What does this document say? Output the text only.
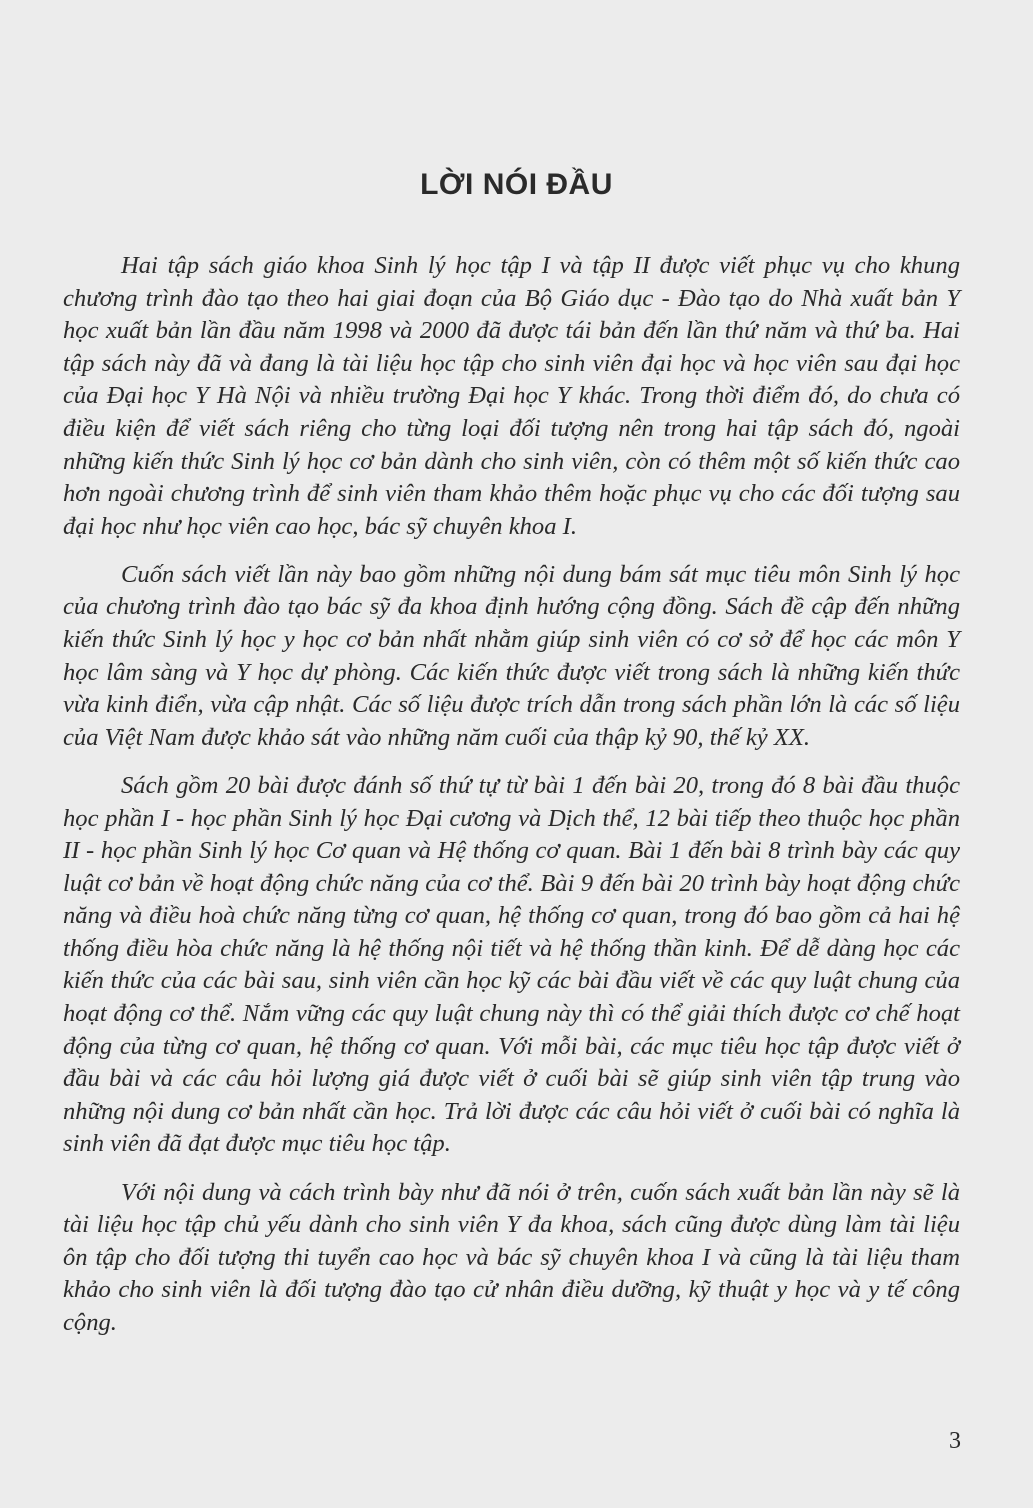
LỜI NÓI ĐẦU

Hai tập sách giáo khoa Sinh lý học tập I và tập II được viết phục vụ cho khung chương trình đào tạo theo hai giai đoạn của Bộ Giáo dục - Đào tạo do Nhà xuất bản Y học xuất bản lần đầu năm 1998 và 2000 đã được tái bản đến lần thứ năm và thứ ba. Hai tập sách này đã và đang là tài liệu học tập cho sinh viên đại học và học viên sau đại học của Đại học Y Hà Nội và nhiều trường Đại học Y khác. Trong thời điểm đó, do chưa có điều kiện để viết sách riêng cho từng loại đối tượng nên trong hai tập sách đó, ngoài những kiến thức Sinh lý học cơ bản dành cho sinh viên, còn có thêm một số kiến thức cao hơn ngoài chương trình để sinh viên tham khảo thêm hoặc phục vụ cho các đối tượng sau đại học như học viên cao học, bác sỹ chuyên khoa I.

Cuốn sách viết lần này bao gồm những nội dung bám sát mục tiêu môn Sinh lý học của chương trình đào tạo bác sỹ đa khoa định hướng cộng đồng. Sách đề cập đến những kiến thức Sinh lý học y học cơ bản nhất nhằm giúp sinh viên có cơ sở để học các môn Y học lâm sàng và Y học dự phòng. Các kiến thức được viết trong sách là những kiến thức vừa kinh điển, vừa cập nhật. Các số liệu được trích dẫn trong sách phần lớn là các số liệu của Việt Nam được khảo sát vào những năm cuối của thập kỷ 90, thế kỷ XX.

Sách gồm 20 bài được đánh số thứ tự từ bài 1 đến bài 20, trong đó 8 bài đầu thuộc học phần I - học phần Sinh lý học Đại cương và Dịch thể, 12 bài tiếp theo thuộc học phần II - học phần Sinh lý học Cơ quan và Hệ thống cơ quan. Bài 1 đến bài 8 trình bày các quy luật cơ bản về hoạt động chức năng của cơ thể. Bài 9 đến bài 20 trình bày hoạt động chức năng và điều hoà chức năng từng cơ quan, hệ thống cơ quan, trong đó bao gồm cả hai hệ thống điều hòa chức năng là hệ thống nội tiết và hệ thống thần kinh. Để dễ dàng học các kiến thức của các bài sau, sinh viên cần học kỹ các bài đầu viết về các quy luật chung của hoạt động cơ thể. Nắm vững các quy luật chung này thì có thể giải thích được cơ chế hoạt động của từng cơ quan, hệ thống cơ quan. Với mỗi bài, các mục tiêu học tập được viết ở đầu bài và các câu hỏi lượng giá được viết ở cuối bài sẽ giúp sinh viên tập trung vào những nội dung cơ bản nhất cần học. Trả lời được các câu hỏi viết ở cuối bài có nghĩa là sinh viên đã đạt được mục tiêu học tập.

Với nội dung và cách trình bày như đã nói ở trên, cuốn sách xuất bản lần này sẽ là tài liệu học tập chủ yếu dành cho sinh viên Y đa khoa, sách cũng được dùng làm tài liệu ôn tập cho đối tượng thi tuyển cao học và bác sỹ chuyên khoa I và cũng là tài liệu tham khảo cho sinh viên là đối tượng đào tạo cử nhân điều dưỡng, kỹ thuật y học và y tế công cộng.

3
